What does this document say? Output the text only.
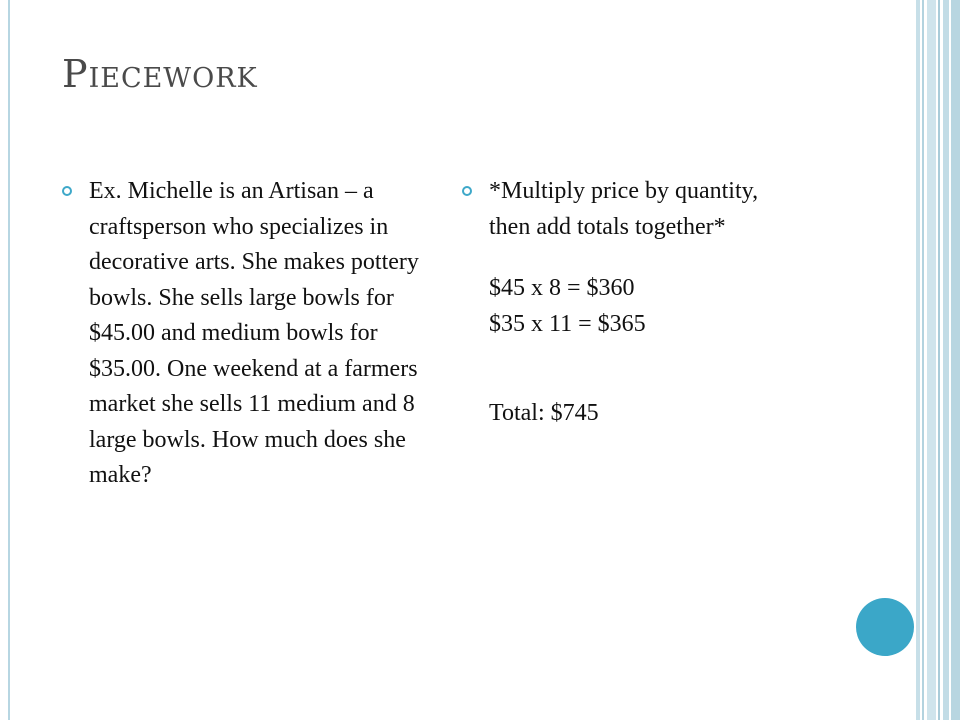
Piecework
Ex. Michelle is an Artisan – a craftsperson who specializes in decorative arts. She makes pottery bowls. She sells large bowls for $45.00 and medium bowls for $35.00. One weekend at a farmers market she sells 11 medium and 8 large bowls. How much does she make?
*Multiply price by quantity, then add totals together*
$45 x 8 = $360
$35 x 11 = $365
Total: $745
